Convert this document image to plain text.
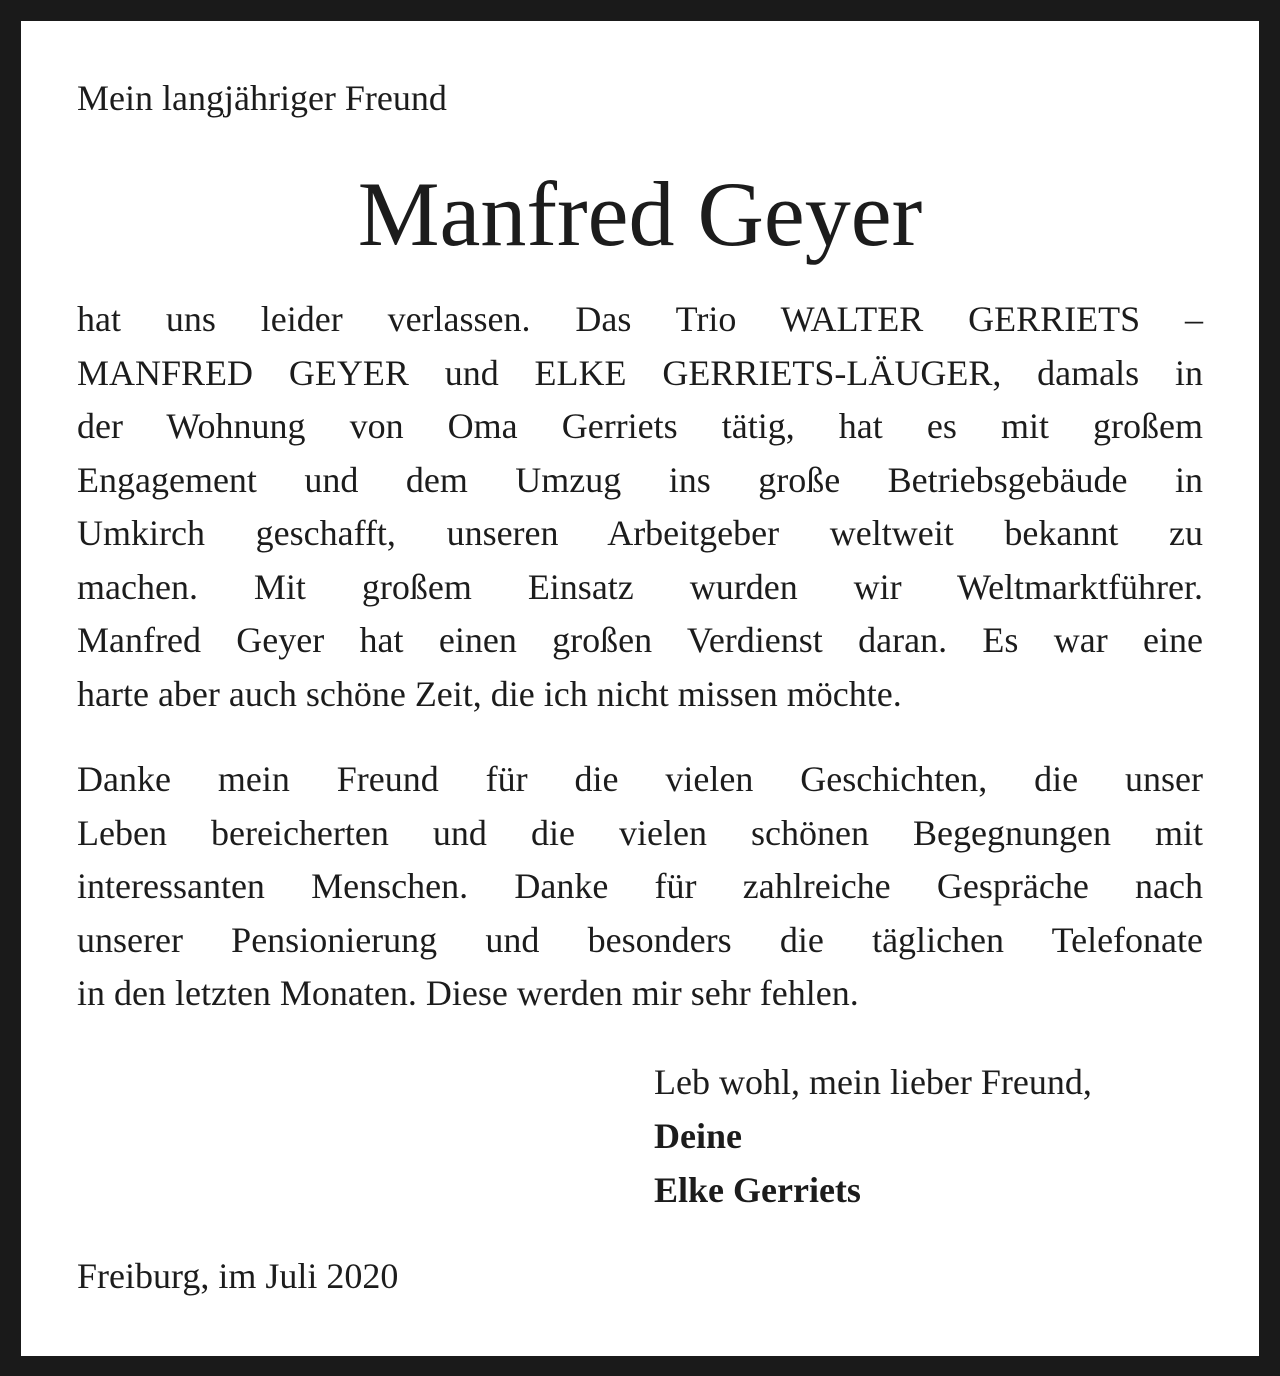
Mein langjähriger Freund
Manfred Geyer
hat uns leider verlassen. Das Trio WALTER GERRIETS –
MANFRED GEYER und ELKE GERRIETS-LÄUGER, damals in
der Wohnung von Oma Gerriets tätig, hat es mit großem
Engagement und dem Umzug ins große Betriebsgebäude in
Umkirch geschafft, unseren Arbeitgeber weltweit bekannt zu
machen. Mit großem Einsatz wurden wir Weltmarktführer.
Manfred Geyer hat einen großen Verdienst daran. Es war eine
harte aber auch schöne Zeit, die ich nicht missen möchte.
Danke mein Freund für die vielen Geschichten, die unser
Leben bereicherten und die vielen schönen Begegnungen mit
interessanten Menschen. Danke für zahlreiche Gespräche nach
unserer Pensionierung und besonders die täglichen Telefonate
in den letzten Monaten. Diese werden mir sehr fehlen.
Leb wohl, mein lieber Freund,
Deine
Elke Gerriets
Freiburg, im Juli 2020
